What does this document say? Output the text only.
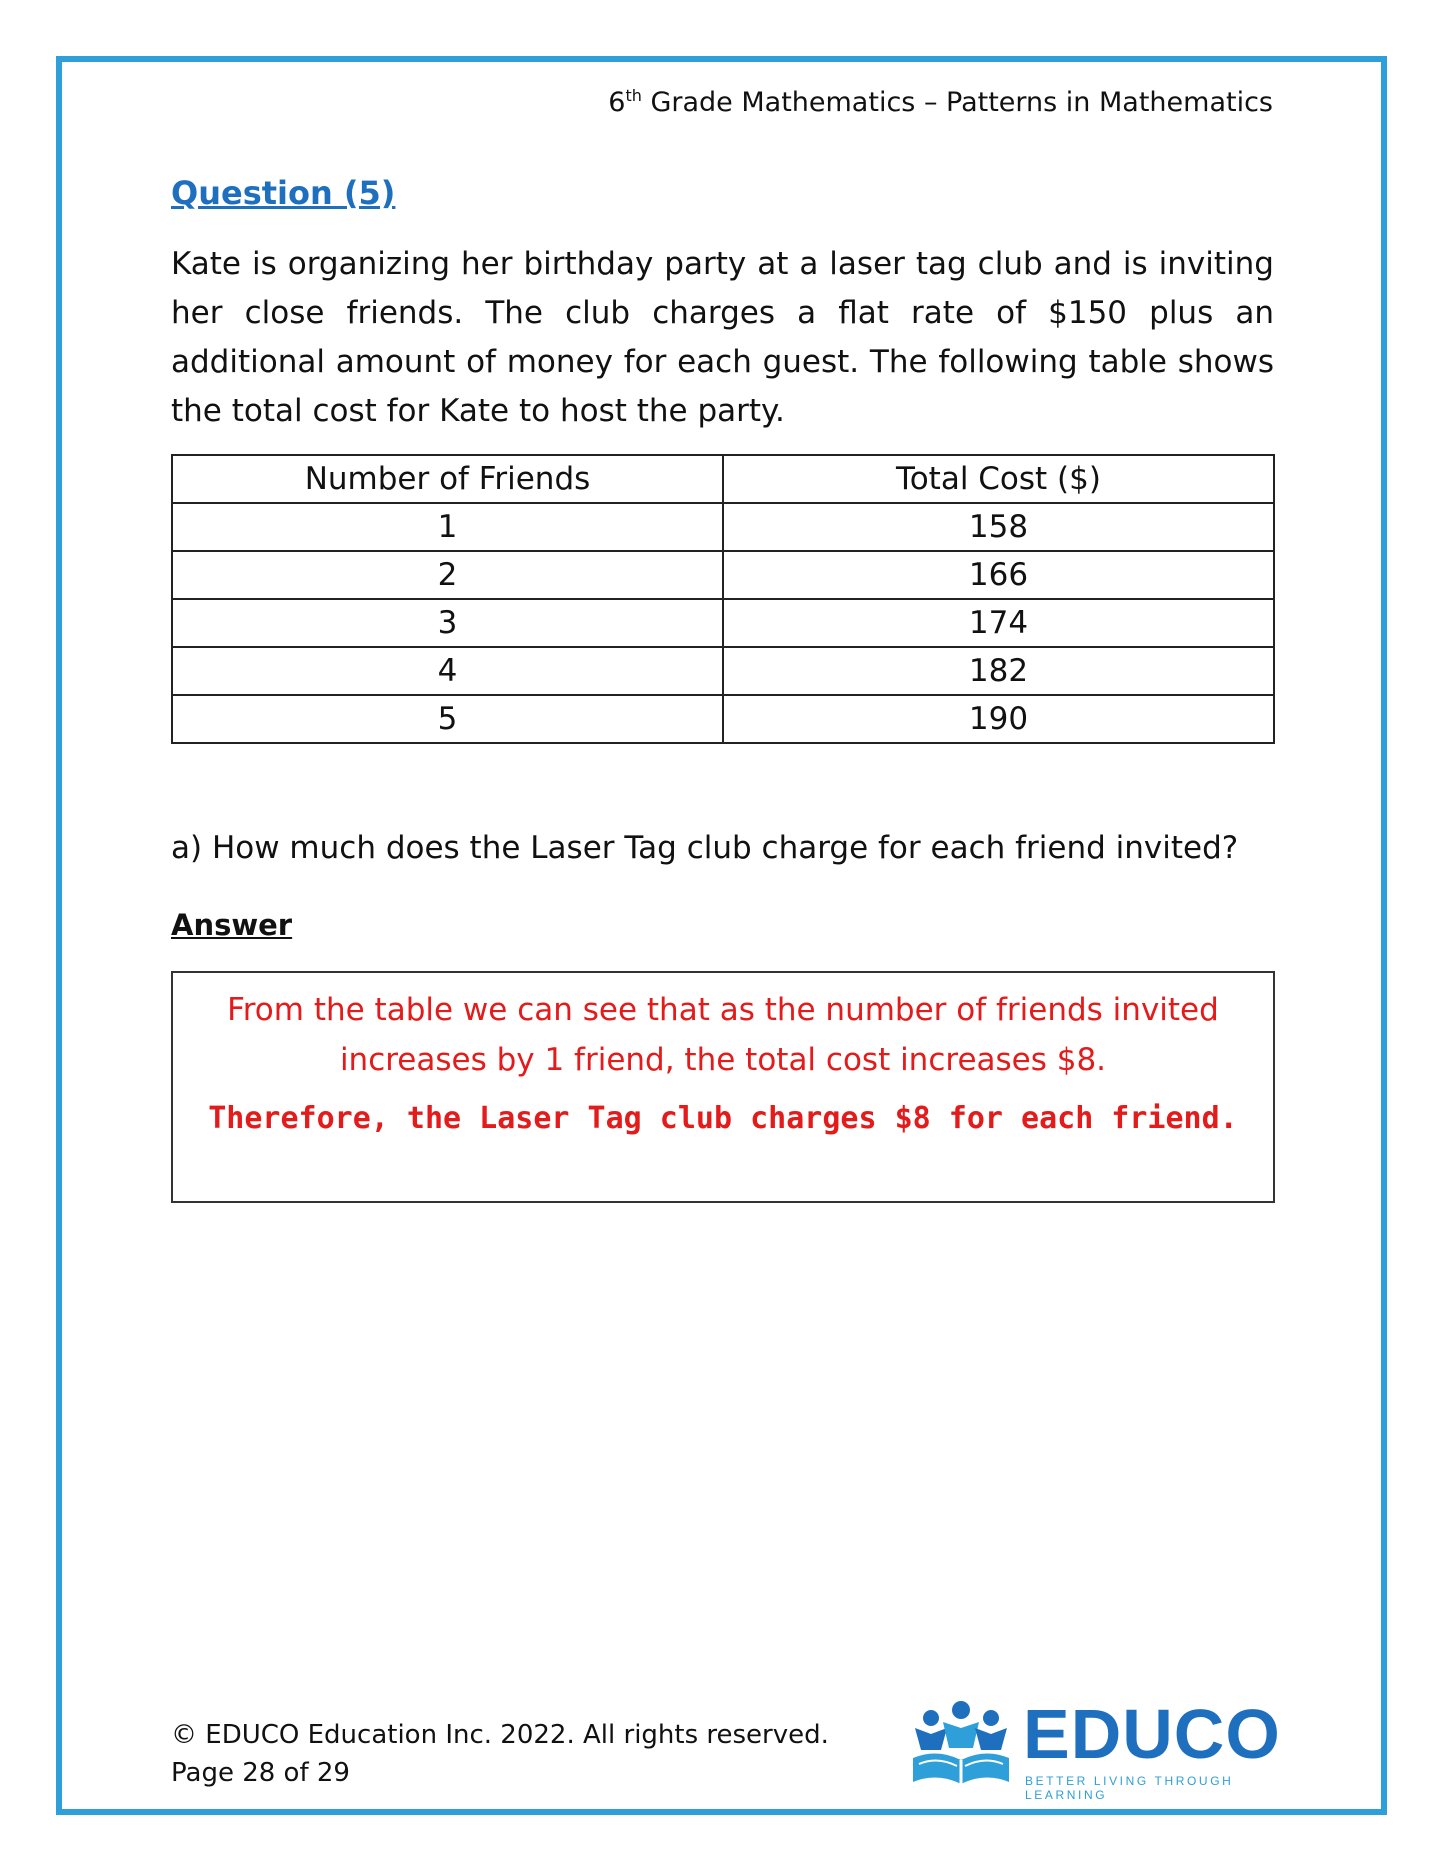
6th Grade Mathematics – Patterns in Mathematics
Question (5)
Kate is organizing her birthday party at a laser tag club and is inviting her close friends. The club charges a flat rate of $150 plus an additional amount of money for each guest. The following table shows the total cost for Kate to host the party.
Number of Friends	Total Cost ($)
1	158
2	166
3	174
4	182
5	190
a) How much does the Laser Tag club charge for each friend invited?
Answer
From the table we can see that as the number of friends invited increases by 1 friend, the total cost increases $8.
Therefore, the Laser Tag club charges $8 for each friend.
© EDUCO Education Inc. 2022. All rights reserved.
Page 28 of 29	EDUCO
BETTER LIVING THROUGH LEARNING
